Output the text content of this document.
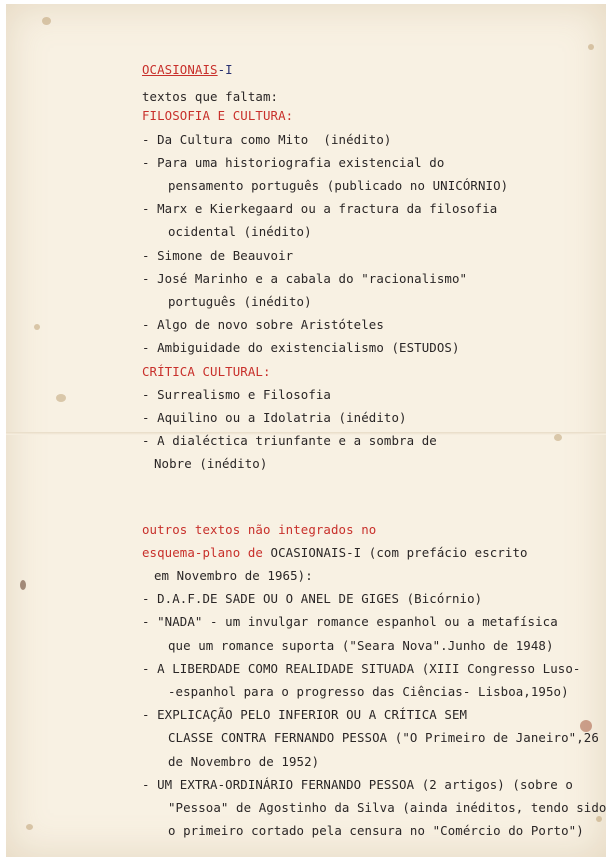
OCASIONAIS-I
textos que faltam:
FILOSOFIA E CULTURA:
- Da Cultura como Mito  (inédito)
- Para uma historiografia existencial do
pensamento português (publicado no UNICÓRNIO)
- Marx e Kierkegaard ou a fractura da filosofia
ocidental (inédito)
- Simone de Beauvoir
- José Marinho e a cabala do "racionalismo"
português (inédito)
- Algo de novo sobre Aristóteles
- Ambiguidade do existencialismo (ESTUDOS)
CRÍTICA CULTURAL:
- Surrealismo e Filosofia
- Aquilino ou a Idolatria (inédito)
- A dialéctica triunfante e a sombra de
Nobre (inédito)
outros textos não integrados no
esquema-plano de OCASIONAIS-I (com prefácio escrito
em Novembro de 1965):
- D.A.F.DE SADE OU O ANEL DE GIGES (Bicórnio)
- "NADA" - um invulgar romance espanhol ou a metafísica
que um romance suporta ("Seara Nova".Junho de 1948)
- A LIBERDADE COMO REALIDADE SITUADA (XIII Congresso Luso-
-espanhol para o progresso das Ciências- Lisboa,195o)
- EXPLICAÇÃO PELO INFERIOR OU A CRÍTICA SEM
CLASSE CONTRA FERNANDO PESSOA ("O Primeiro de Janeiro",26
de Novembro de 1952)
- UM EXTRA-ORDINÁRIO FERNANDO PESSOA (2 artigos) (sobre o
"Pessoa" de Agostinho da Silva (ainda inéditos, tendo sido
o primeiro cortado pela censura no "Comércio do Porto")
